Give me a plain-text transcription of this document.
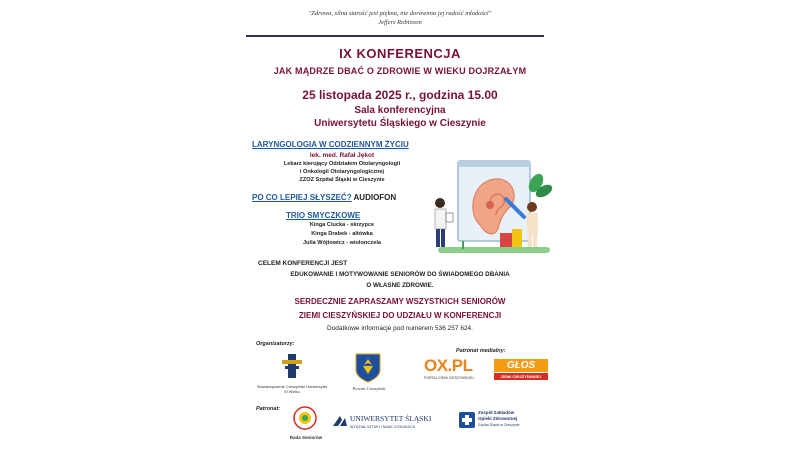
"Zdrowa, silna starość jest piękna, nie dorównna jej radość młodości"
Jeffers Robinson
IX KONFERENCJA
JAK MĄDRZE DBAĆ O ZDROWIE W WIEKU DOJRZAŁYM
25 listopada 2025 r., godzina 15.00
Sala konferencyjna
Uniwersytetu Śląskiego w Cieszynie
LARYNGOLOGIA W CODZIENNYM ŻYCIU
lek. med. Rafał Jękot
Lekarz kierujący Oddziałem Otolaryngologii
i Onkologii Otolaryngologicznej
ZZOZ Szpital Śląski w Cieszynie
PO CO LEPIEJ SŁYSZEĆ? AUDIOFON
TRIO SMYCZKOWE
Kinga Ciucka - skrzypce
Kinga Drabek - altówka
Julia Wójtowicz - wiolonczela
CELEM KONFERENCJI JEST
EDUKOWANIE I MOTYWOWANIE SENIORÓW DO ŚWIADOMEGO DBANIA
O WŁASNE ZDROWIE.
SERDECZNIE ZAPRASZAMY WSZYSTKICH SENIORÓW
ZIEMI CIESZYŃSKIEJ DO UDZIAŁU W KONFERENCJI
Dodatkowe informacje pod numerem 536 257 624.
Organizatorzy:
Stowarzyszenie Cieszyński Uniwersytet III Wieku
Powiat Cieszyński
Patronat medialny:
OX.PL
PORTAL ZIEMI CIESZYŃSKIEJ
GŁOS
ZIEMI CIESZYŃSKIEJ
Patronat:
Rada Seniorów
UNIWERSYTET ŚLĄSKI
WYDZIAŁ SZTUKI I NAUK O EDUKACJI
Zespół Zakładów
Opieki Zdrowotnej
Szpital Śląski w Cieszynie
